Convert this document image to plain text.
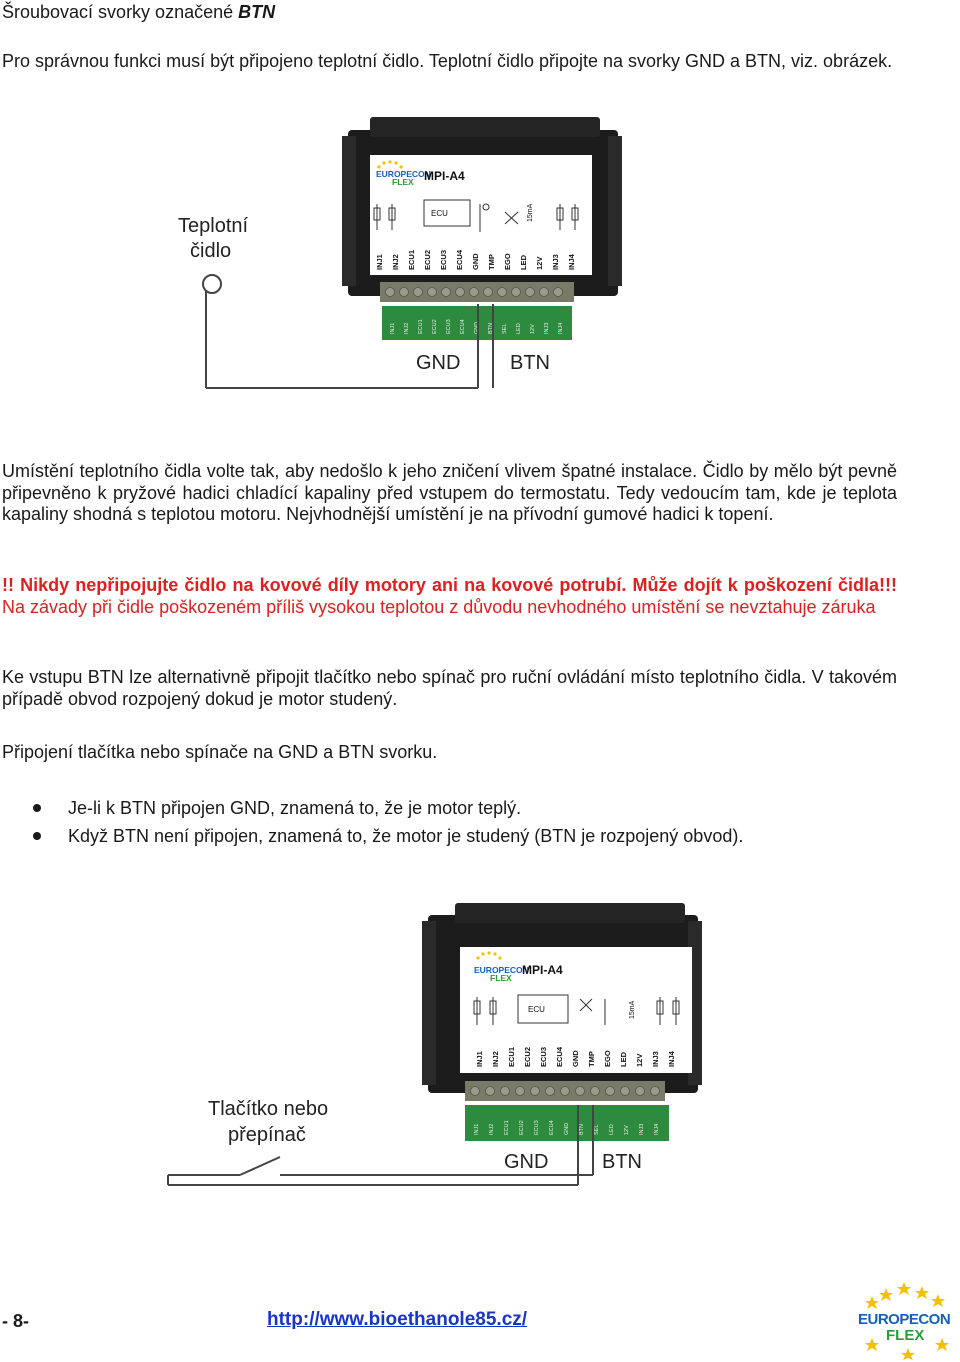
Šroubovací svorky označené BTN
Pro správnou funkci musí být připojeno teplotní čidlo. Teplotní čidlo připojte na svorky GND a BTN, viz. obrázek.
EUROPECON
FLEX MPI-A4
ECU	15mA
INJ1 INJ2 ECU1 ECU2 ECU3 ECU4 GND TMP EGO LED 12V INJ3 INJ4
INJ1 INJ2 ECU1 ECU2 ECU3 ECU4 GND BTN SEL LED 12V INJ3 INJ4
Teplotní
čidlo
GND BTN
Umístění teplotního čidla volte tak, aby nedošlo k jeho zničení vlivem špatné instalace. Čidlo by mělo být pevně připevněno k pryžové hadici chladící kapaliny před vstupem do termostatu. Tedy vedoucím tam, kde je teplota kapaliny shodná s teplotou motoru. Nejvhodnější umístění je na přívodní gumové hadici k topení.
!! Nikdy nepřipojujte čidlo na kovové díly motory ani na kovové potrubí. Může dojít k poškození čidla!!! Na závady při čidle poškozeném příliš vysokou teplotou z důvodu nevhodného umístění se nevztahuje záruka
Ke vstupu BTN lze alternativně připojit tlačítko nebo spínač pro ruční ovládání místo teplotního čidla. V takovém případě obvod rozpojený dokud je motor studený.
Připojení tlačítka nebo spínače na GND a BTN svorku.
Je-li k BTN připojen GND, znamená to, že je motor teplý.
Když BTN není připojen, znamená to, že motor je studený (BTN je rozpojený obvod).
EUROPECON
FLEX
MPI-A4
ECU	15mA
INJ1 INJ2 ECU1 ECU2 ECU3 ECU4 GND TMP EGO LED 12V INJ3 INJ4
INJ1 INJ2 ECU1 ECU2 ECU3 ECU4 GND BTN SEL LED 12V INJ3 INJ4
Tlačítko nebo
přepínač
GND	BTN
- 8-	http://www.bioethanole85.cz/	EUROPECON
FLEX
